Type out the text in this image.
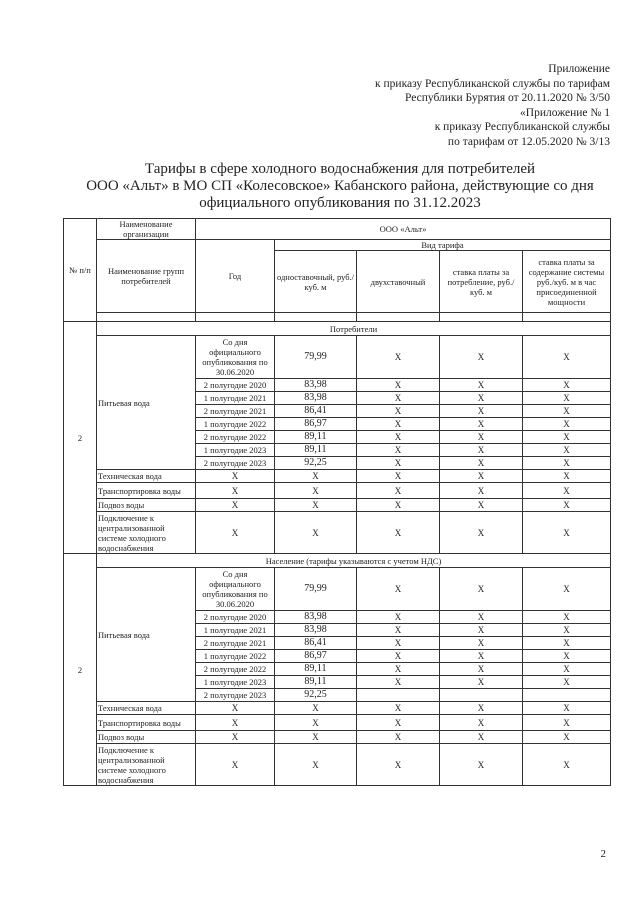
Приложение
к приказу Республиканской службы по тарифам
Республики Бурятия от 20.11.2020 № 3/50
«Приложение № 1
к приказу Республиканской службы
по тарифам от 12.05.2020 № 3/13
Тарифы в сфере холодного водоснабжения для потребителей
ООО «Альт» в МО СП «Колесовское» Кабанского района, действующие со дня
официального опубликования по 31.12.2023
№ п/п	Наименование организации	ООО «Альт»				
	Наименование групп потребителей	Год	Вид тарифа			
			одноставочный, руб./ куб. м	двухставочный	ставка платы за потребление, руб./ куб. м	ставка платы за содержание системы руб./куб. м в час присоединенной мощности

2	Потребители					
	Питьевая вода	Со дня официального опубликования по 30.06.2020	79,99	Х	Х	Х
		2 полугодие 2020	83,98	Х	Х	Х
		1 полугодие 2021	83,98	Х	Х	Х
		2 полугодие 2021	86,41	Х	Х	Х
		1 полугодие 2022	86,97	Х	Х	Х
		2 полугодие 2022	89,11	Х	Х	Х
		1 полугодие 2023	89,11	Х	Х	Х
		2 полугодие 2023	92,25	Х	Х	Х
	Техническая вода	Х	Х	Х	Х	Х
	Транспортировка воды	Х	Х	Х	Х	Х
	Подвоз воды	Х	Х	Х	Х	Х
	Подключение к централизованной системе холодного водоснабжения	Х	Х	Х	Х	Х
2	Население (тарифы указываются с учетом НДС)					
	Питьевая вода	Со дня официального опубликования по 30.06.2020	79,99	Х	Х	Х
		2 полугодие 2020	83,98	Х	Х	Х
		1 полугодие 2021	83,98	Х	Х	Х
		2 полугодие 2021	86,41	Х	Х	Х
		1 полугодие 2022	86,97	Х	Х	Х
		2 полугодие 2022	89,11	Х	Х	Х
		1 полугодие 2023	89,11	Х	Х	Х
		2 полугодие 2023	92,25			
	Техническая вода	Х	Х	Х	Х	Х
	Транспортировка воды	Х	Х	Х	Х	Х
	Подвоз воды	Х	Х	Х	Х	Х
	Подключение к централизованной системе холодного водоснабжения	Х	Х	Х	Х	Х
2
